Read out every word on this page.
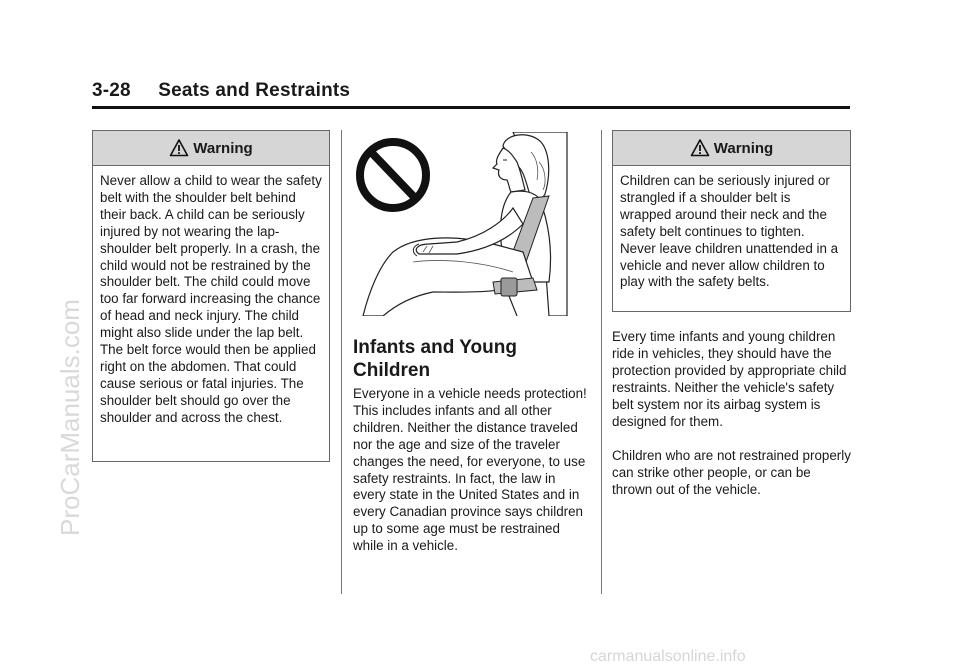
3-28     Seats and Restraints
Warning
Never allow a child to wear the safety belt with the shoulder belt behind their back. A child can be seriously injured by not wearing the lap-shoulder belt properly. In a crash, the child would not be restrained by the shoulder belt. The child could move too far forward increasing the chance of head and neck injury. The child might also slide under the lap belt. The belt force would then be applied right on the abdomen. That could cause serious or fatal injuries. The shoulder belt should go over the shoulder and across the chest.
Infants and Young Children
Everyone in a vehicle needs protection! This includes infants and all other children. Neither the distance traveled nor the age and size of the traveler changes the need, for everyone, to use safety restraints. In fact, the law in every state in the United States and in every Canadian province says children up to some age must be restrained while in a vehicle.
Warning
Children can be seriously injured or strangled if a shoulder belt is wrapped around their neck and the safety belt continues to tighten. Never leave children unattended in a vehicle and never allow children to play with the safety belts.
Every time infants and young children ride in vehicles, they should have the protection provided by appropriate child restraints. Neither the vehicle's safety belt system nor its airbag system is designed for them.
Children who are not restrained properly can strike other people, or can be thrown out of the vehicle.
ProCarManuals.com
carmanualsonline.info
